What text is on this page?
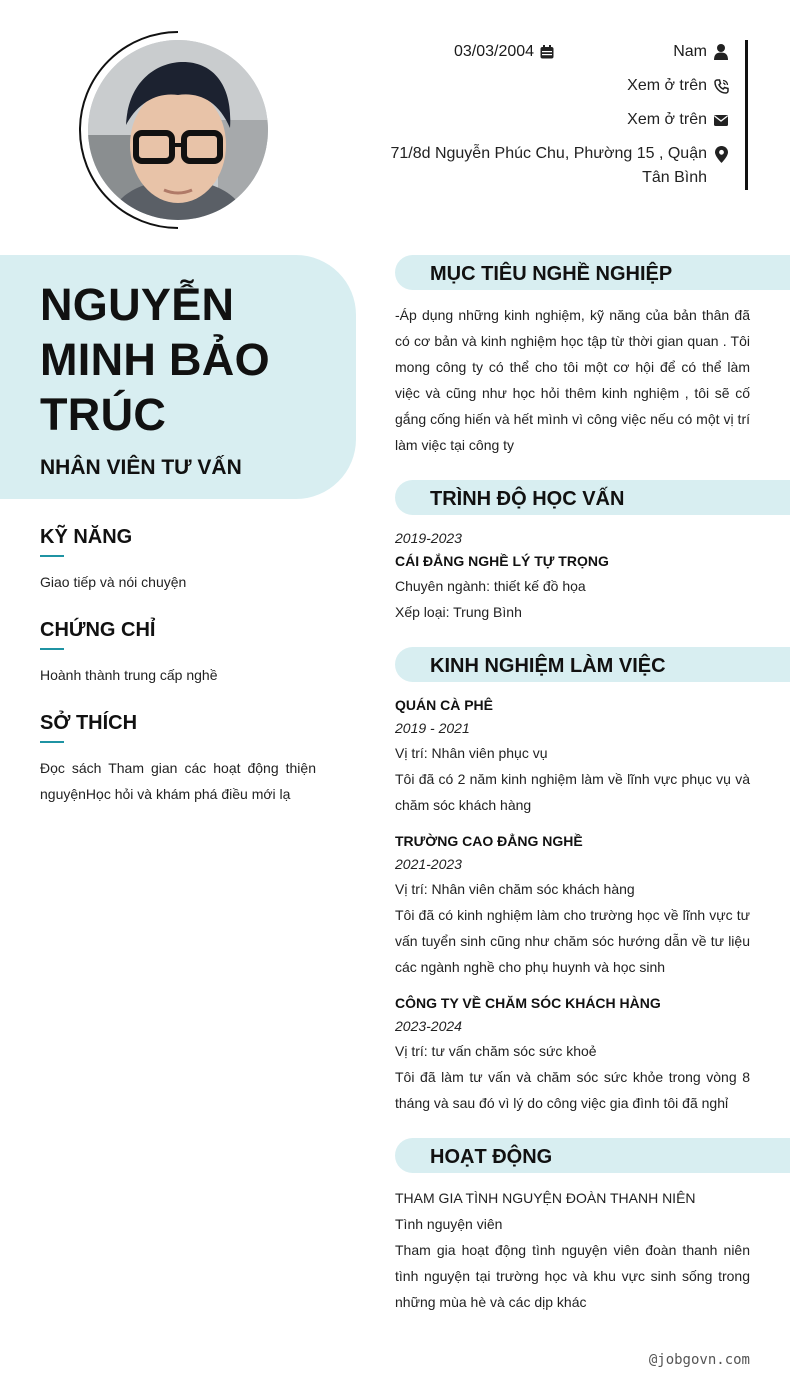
03/03/2004	Nam
Xem ở trên
Xem ở trên
71/8d Nguyễn Phúc Chu, Phường 15 , Quận Tân Bình
NGUYỄN MINH BẢO TRÚC
NHÂN VIÊN TƯ VẤN
KỸ NĂNG
Giao tiếp và nói chuyện
CHỨNG CHỈ
Hoành thành trung cấp nghề
SỞ THÍCH
Đọc sách Tham gian các hoạt động thiện nguyệnHọc hỏi và khám phá điều mới lạ
MỤC TIÊU NGHỀ NGHIỆP
-Áp dụng những kinh nghiệm, kỹ năng của bản thân đã có cơ bản và kinh nghiệm học tập từ thời gian quan . Tôi mong công ty có thể cho tôi một cơ hội để có thể làm việc và cũng như học hỏi thêm kinh nghiệm , tôi sẽ cố gắng cống hiến và hết mình vì công việc nếu có một vị trí làm việc tại công ty
TRÌNH ĐỘ HỌC VẤN
2019-2023
CÁI ĐẮNG NGHỀ LÝ TỰ TRỌNG
Chuyên ngành: thiết kế đồ họa
Xếp loại: Trung Bình
KINH NGHIỆM LÀM VIỆC
QUÁN CÀ PHÊ
2019 - 2021
Vị trí: Nhân viên phục vụ
Tôi đã có 2 năm kinh nghiệm làm về lĩnh vực phục vụ và chăm sóc khách hàng
TRƯỜNG CAO ĐẲNG NGHỀ
2021-2023
Vị trí: Nhân viên chăm sóc khách hàng
Tôi đã có kinh nghiệm làm cho trường học về lĩnh vực tư vấn tuyển sinh cũng như chăm sóc hướng dẫn về tư liệu các ngành nghề cho phụ huynh và học sinh
CÔNG TY VỀ CHĂM SÓC KHÁCH HÀNG
2023-2024
Vị trí: tư vấn chăm sóc sức khoẻ
Tôi đã làm tư vấn và chăm sóc sức khỏe trong vòng 8 tháng và sau đó vì lý do công việc gia đình tôi đã nghỉ
HOẠT ĐỘNG
THAM GIA TÌNH NGUYỆN ĐOÀN THANH NIÊN
Tình nguyện viên
Tham gia hoạt động tình nguyện viên đoàn thanh niên tình nguyện tại trường học và khu vực sinh sống trong những mùa hè và các dịp khác
@jobgovn.com
